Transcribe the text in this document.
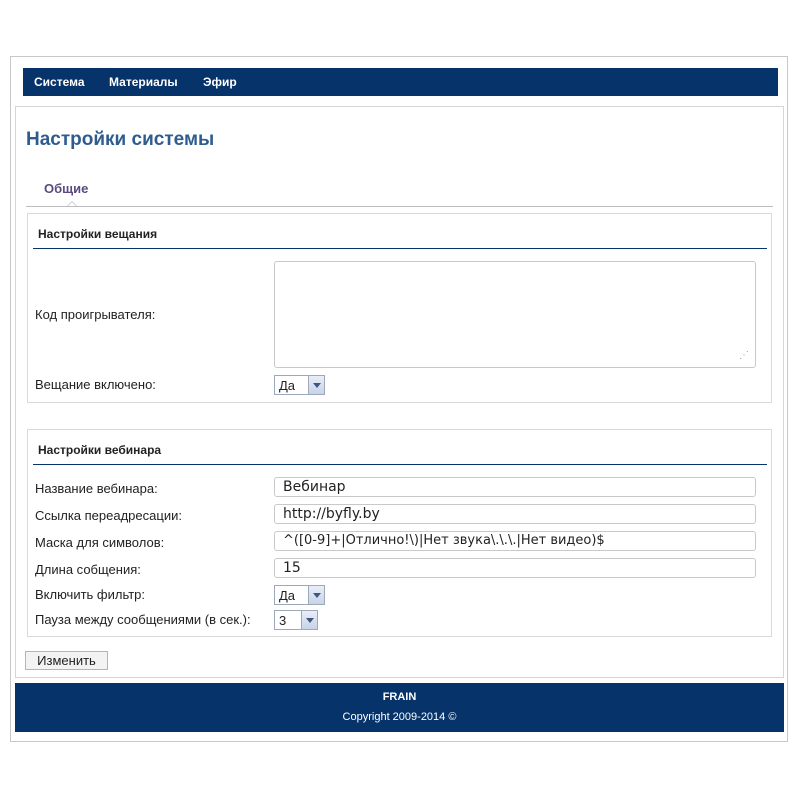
Система Материалы Эфир
Настройки системы
Общие
Настройки вещания
Код проигрывателя:
⋰
Вещание включено:	Да
Настройки вебинара
Название вебинара:	Вебинар
Ссылка переадресации:	http://byfly.by
Маска для символов:	^([0-9]+|Отлично!\)|Нет звука\.\.\.|Нет видео)$
Длина собщения:	15
Включить фильтр:	Да
Пауза между сообщениями (в сек.): 3
Изменить
FRAIN
Copyright 2009-2014 ©
